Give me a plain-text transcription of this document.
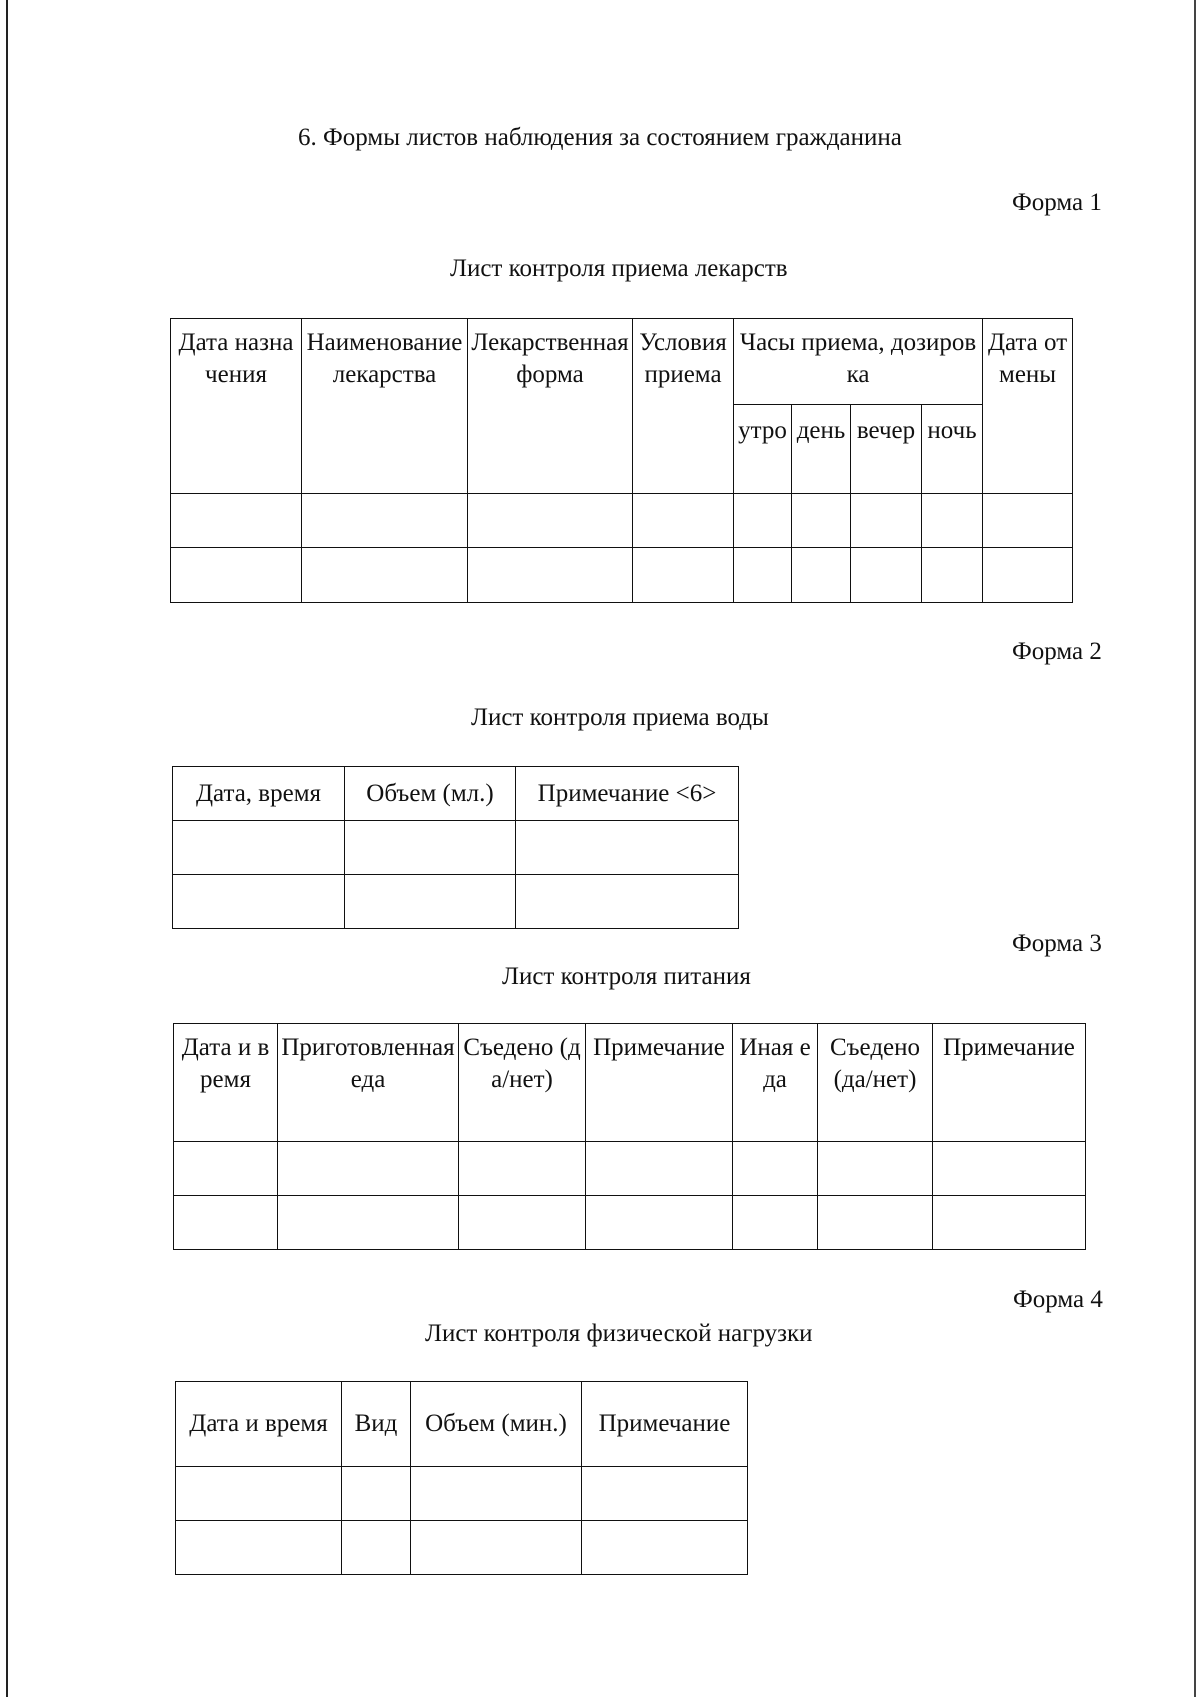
6. Формы листов наблюдения за состоянием гражданина
Форма 1
Лист контроля приема лекарств
Дата назначения	Наименование лекарства	Лекарственная форма	Условия приема	Часы приема, дозировка				Дата отмены
				утро	день	вечер	ночь	

Форма 2
Лист контроля приема воды
Дата, время	Объем (мл.)	Примечание <6>

Форма 3
Лист контроля питания
Дата и время	Приготовленная еда	Съедено (да/нет)	Примечание	Иная еда	Съедено (да/нет)	Примечание

Форма 4
Лист контроля физической нагрузки
Дата и время	Вид	Объем (мин.)	Примечание
